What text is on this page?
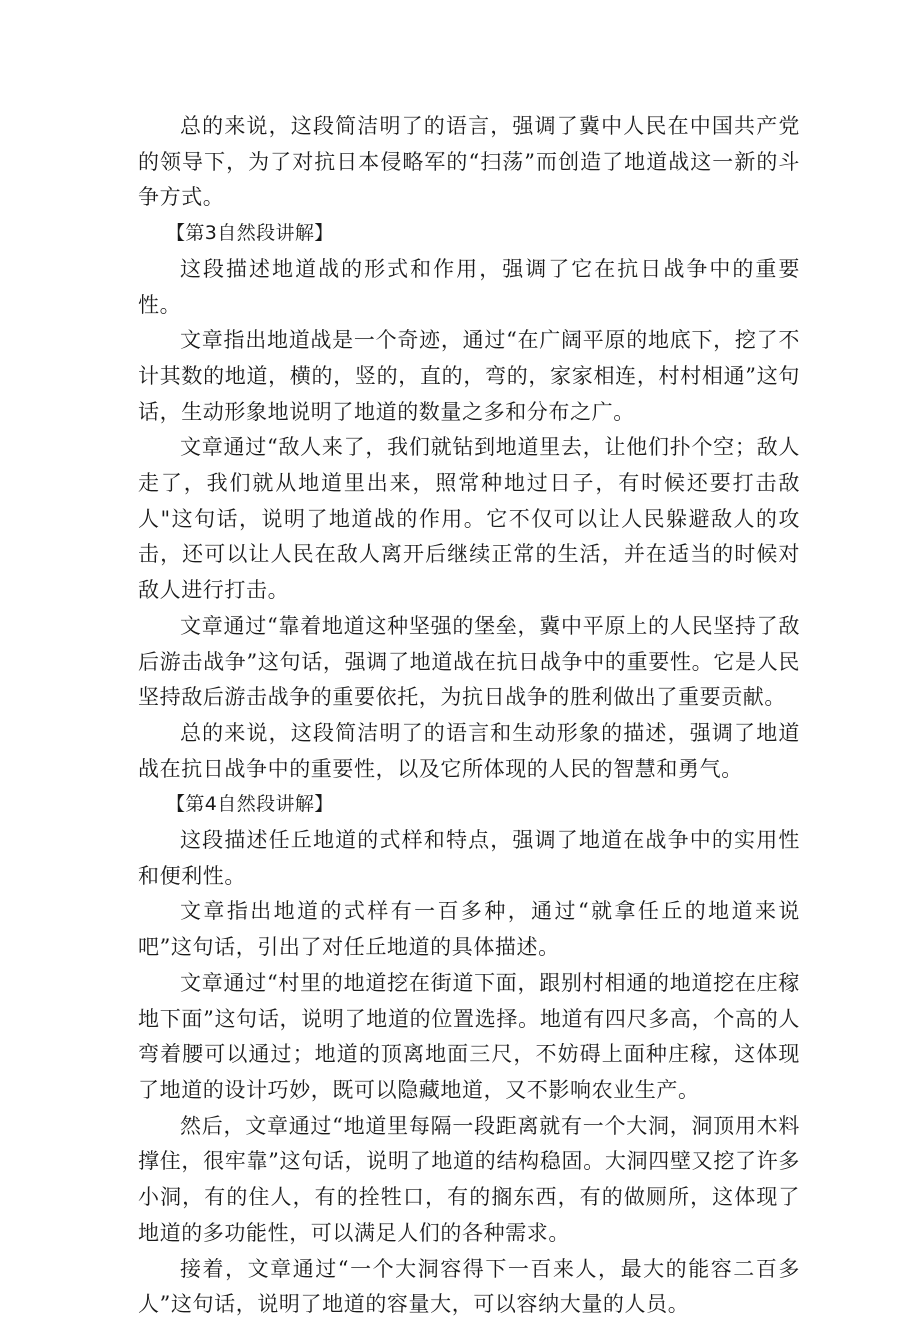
总的来说，这段简洁明了的语言，强调了冀中人民在中国共产党的领导下，为了对抗日本侵略军的“扫荡”而创造了地道战这一新的斗争方式。

【第3自然段讲解】

这段描述地道战的形式和作用，强调了它在抗日战争中的重要性。

文章指出地道战是一个奇迹，通过“在广阔平原的地底下，挖了不计其数的地道，横的，竖的，直的，弯的，家家相连，村村相通”这句话，生动形象地说明了地道的数量之多和分布之广。

文章通过“敌人来了，我们就钻到地道里去，让他们扑个空；敌人走了，我们就从地道里出来，照常种地过日子，有时候还要打击敌人"这句话，说明了地道战的作用。它不仅可以让人民躲避敌人的攻击，还可以让人民在敌人离开后继续正常的生活，并在适当的时候对敌人进行打击。

文章通过“靠着地道这种坚强的堡垒，冀中平原上的人民坚持了敌后游击战争”这句话，强调了地道战在抗日战争中的重要性。它是人民坚持敌后游击战争的重要依托，为抗日战争的胜利做出了重要贡献。

总的来说，这段简洁明了的语言和生动形象的描述，强调了地道战在抗日战争中的重要性，以及它所体现的人民的智慧和勇气。

【第4自然段讲解】

这段描述任丘地道的式样和特点，强调了地道在战争中的实用性和便利性。

文章指出地道的式样有一百多种，通过“就拿任丘的地道来说吧”这句话，引出了对任丘地道的具体描述。

文章通过“村里的地道挖在街道下面，跟别村相通的地道挖在庄稼地下面”这句话，说明了地道的位置选择。地道有四尺多高，个高的人弯着腰可以通过；地道的顶离地面三尺，不妨碍上面种庄稼，这体现了地道的设计巧妙，既可以隐藏地道，又不影响农业生产。

然后，文章通过“地道里每隔一段距离就有一个大洞，洞顶用木料撑住，很牢靠”这句话，说明了地道的结构稳固。大洞四壁又挖了许多小洞，有的住人，有的拴牲口，有的搁东西，有的做厕所，这体现了地道的多功能性，可以满足人们的各种需求。

接着，文章通过“一个大洞容得下一百来人，最大的能容二百多人”这句话，说明了地道的容量大，可以容纳大量的人员。
